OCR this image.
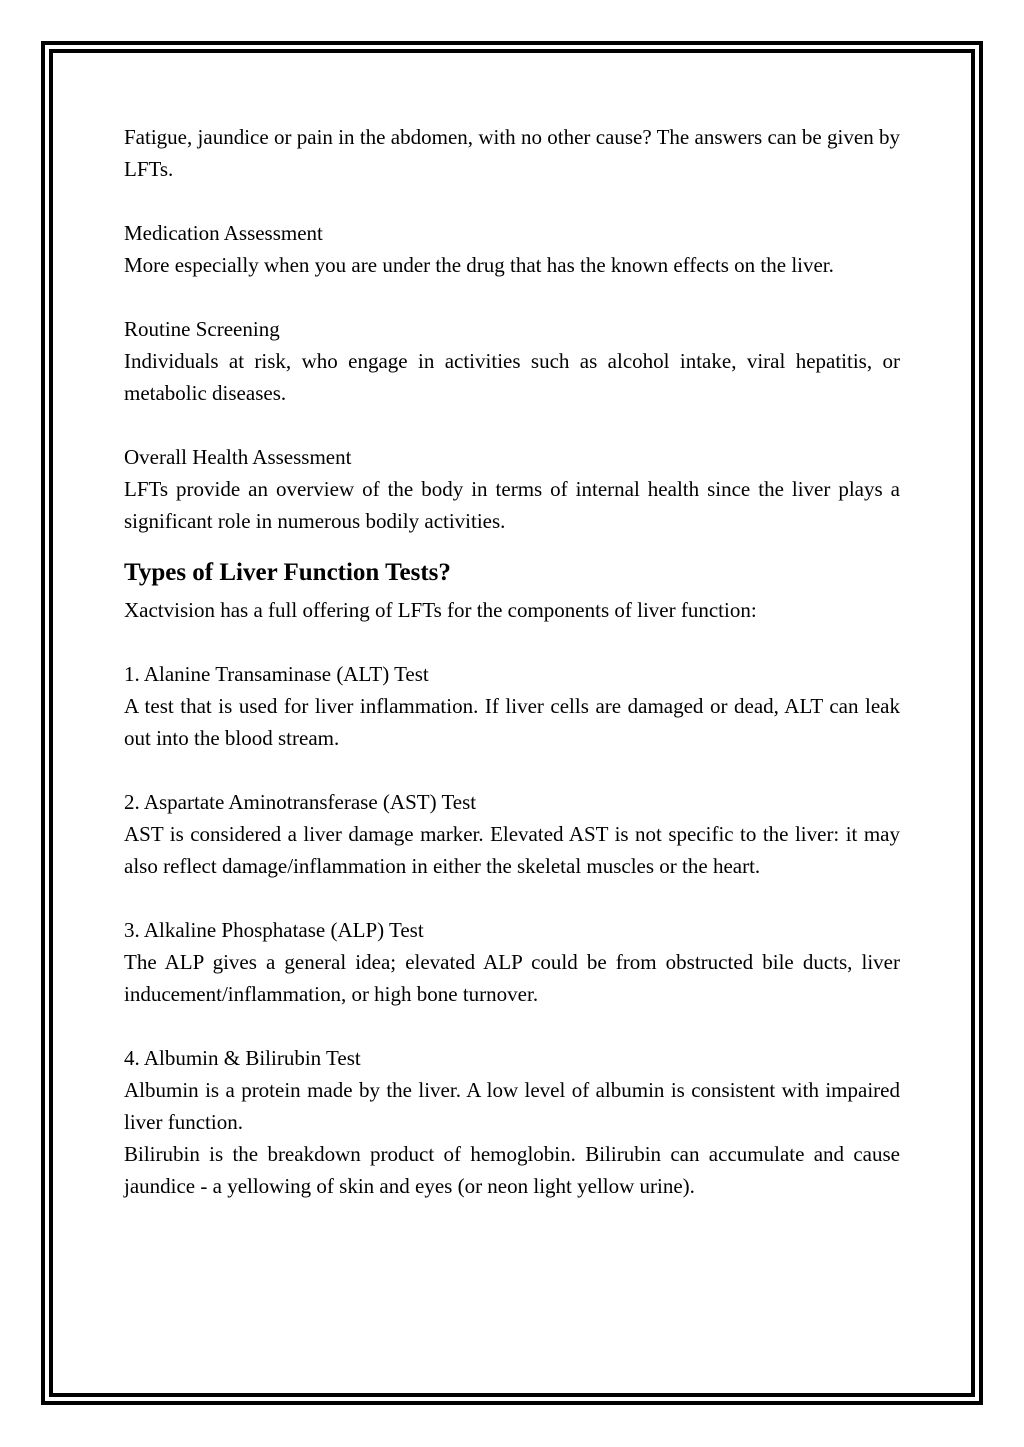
Fatigue, jaundice or pain in the abdomen, with no other cause? The answers can be given by LFTs.

Medication Assessment

More especially when you are under the drug that has the known effects on the liver.

Routine Screening

Individuals at risk, who engage in activities such as alcohol intake, viral hepatitis, or metabolic diseases.

Overall Health Assessment

LFTs provide an overview of the body in terms of internal health since the liver plays a significant role in numerous bodily activities.

Types of Liver Function Tests?

Xactvision has a full offering of LFTs for the components of liver function:

1. Alanine Transaminase (ALT) Test

A test that is used for liver inflammation. If liver cells are damaged or dead, ALT can leak out into the blood stream.

2. Aspartate Aminotransferase (AST) Test

AST is considered a liver damage marker. Elevated AST is not specific to the liver: it may also reflect damage/inflammation in either the skeletal muscles or the heart.

3. Alkaline Phosphatase (ALP) Test

The ALP gives a general idea; elevated ALP could be from obstructed bile ducts, liver inducement/inflammation, or high bone turnover.

4. Albumin & Bilirubin Test

Albumin is a protein made by the liver. A low level of albumin is consistent with impaired liver function.

Bilirubin is the breakdown product of hemoglobin. Bilirubin can accumulate and cause jaundice - a yellowing of skin and eyes (or neon light yellow urine).
